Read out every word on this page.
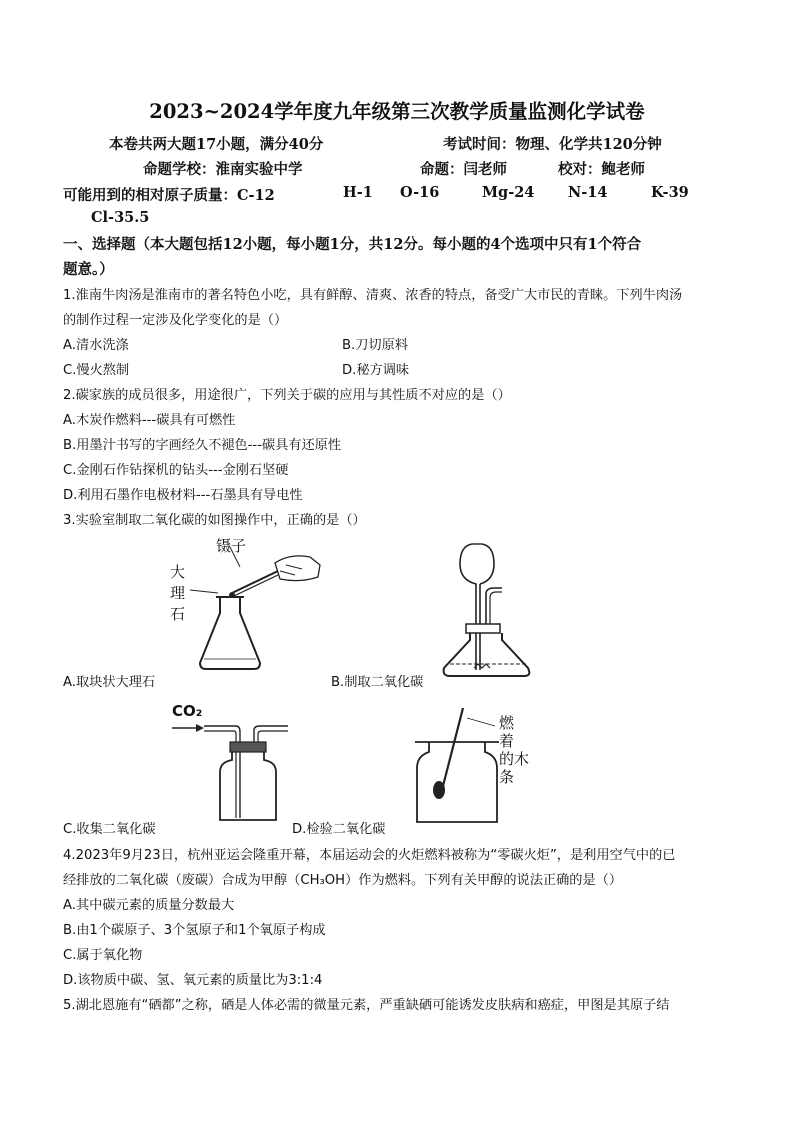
2023~2024学年度九年级第三次教学质量监测化学试卷
本卷共两大题17小题，满分40分	考试时间：物理、化学共120分钟
命题学校：淮南实验中学	命题：闫老师	校对：鲍老师
可能用到的相对原子质量：C-12	H-1 O-16	Mg-24 N-14	K-39
Cl-35.5
一、选择题（本大题包括12小题，每小题1分，共12分。每小题的4个选项中只有1个符合
题意。）
1.淮南牛肉汤是淮南市的著名特色小吃，具有鲜醇、清爽、浓香的特点，备受广大市民的青睐。下列牛肉汤
的制作过程一定涉及化学变化的是（）
A.清水洗涤	B.刀切原料
C.慢火熬制	D.秘方调味
2.碳家族的成员很多，用途很广，下列关于碳的应用与其性质不对应的是（）
A.木炭作燃料---碳具有可燃性
B.用墨汁书写的字画经久不褪色---碳具有还原性
C.金刚石作钻探机的钻头---金刚石坚硬
D.利用石墨作电极材料---石墨具有导电性
3.实验室制取二氧化碳的如图操作中，正确的是（）
镊子
大
理
石
A.取块状大理石	B.制取二氧化碳
CO₂
燃
着
的木
条
C.收集二氧化碳	D.检验二氧化碳
4.2023年9月23日，杭州亚运会隆重开幕，本届运动会的火炬燃料被称为“零碳火炬”，是利用空气中的已
经排放的二氧化碳（废碳）合成为甲醇（CH₃OH）作为燃料。下列有关甲醇的说法正确的是（）
A.其中碳元素的质量分数最大
B.由1个碳原子、3个氢原子和1个氧原子构成
C.属于氧化物
D.该物质中碳、氢、氧元素的质量比为3:1:4
5.湖北恩施有“硒都”之称，硒是人体必需的微量元素，严重缺硒可能诱发皮肤病和癌症，甲图是其原子结
